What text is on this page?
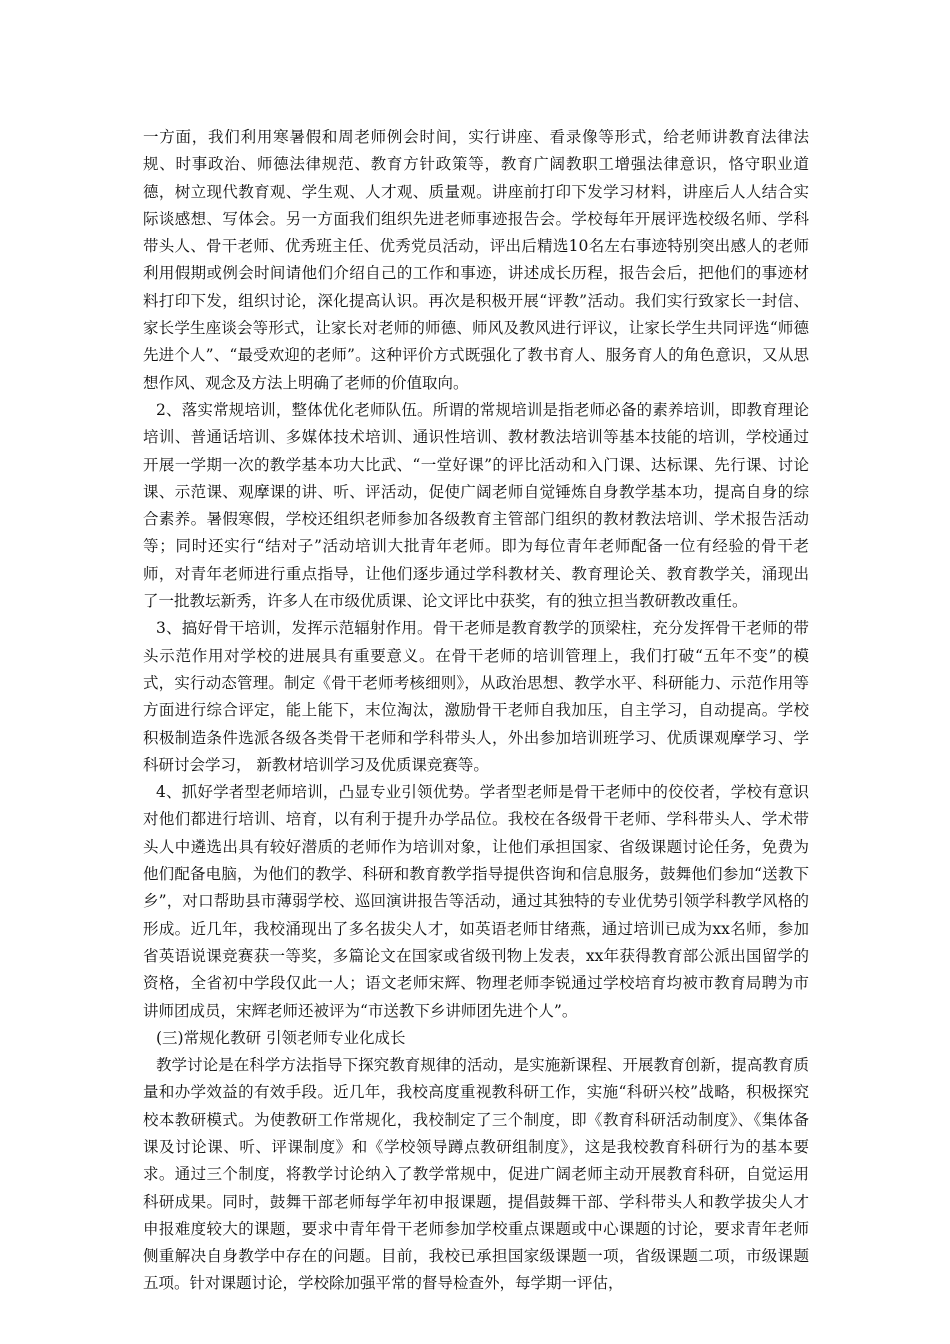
一方面，我们利用寒暑假和周老师例会时间，实行讲座、看录像等形式，给老师讲教育法律法规、时事政治、师德法律规范、教育方针政策等，教育广阔教职工增强法律意识，恪守职业道德，树立现代教育观、学生观、人才观、质量观。讲座前打印下发学习材料，讲座后人人结合实际谈感想、写体会。另一方面我们组织先进老师事迹报告会。学校每年开展评选校级名师、学科带头人、骨干老师、优秀班主任、优秀党员活动，评出后精选10名左右事迹特别突出感人的老师利用假期或例会时间请他们介绍自己的工作和事迹，讲述成长历程，报告会后，把他们的事迹材料打印下发，组织讨论，深化提高认识。再次是积极开展“评教”活动。我们实行致家长一封信、家长学生座谈会等形式，让家长对老师的师德、师风及教风进行评议，让家长学生共同评选“师德先进个人”、“最受欢迎的老师”。这种评价方式既强化了教书育人、服务育人的角色意识，又从思想作风、观念及方法上明确了老师的价值取向。

2、落实常规培训，整体优化老师队伍。所谓的常规培训是指老师必备的素养培训，即教育理论培训、普通话培训、多媒体技术培训、通识性培训、教材教法培训等基本技能的培训，学校通过开展一学期一次的教学基本功大比武、“一堂好课”的评比活动和入门课、达标课、先行课、讨论课、示范课、观摩课的讲、听、评活动，促使广阔老师自觉锤炼自身教学基本功，提高自身的综合素养。暑假寒假，学校还组织老师参加各级教育主管部门组织的教材教法培训、学术报告活动等；同时还实行“结对子”活动培训大批青年老师。即为每位青年老师配备一位有经验的骨干老师，对青年老师进行重点指导，让他们逐步通过学科教材关、教育理论关、教育教学关，涌现出了一批教坛新秀，许多人在市级优质课、论文评比中获奖，有的独立担当教研教改重任。

3、搞好骨干培训，发挥示范辐射作用。骨干老师是教育教学的顶梁柱，充分发挥骨干老师的带头示范作用对学校的进展具有重要意义。在骨干老师的培训管理上，我们打破“五年不变”的模式，实行动态管理。制定《骨干老师考核细则》，从政治思想、教学水平、科研能力、示范作用等方面进行综合评定，能上能下，末位淘汰，激励骨干老师自我加压，自主学习，自动提高。学校积极制造条件选派各级各类骨干老师和学科带头人，外出参加培训班学习、优质课观摩学习、学科研讨会学习， 新教材培训学习及优质课竞赛等。

4、抓好学者型老师培训，凸显专业引领优势。学者型老师是骨干老师中的佼佼者，学校有意识对他们都进行培训、培育，以有利于提升办学品位。我校在各级骨干老师、学科带头人、学术带头人中遴选出具有较好潜质的老师作为培训对象，让他们承担国家、省级课题讨论任务，免费为他们配备电脑，为他们的教学、科研和教育教学指导提供咨询和信息服务，鼓舞他们参加“送教下乡”，对口帮助县市薄弱学校、巡回演讲报告等活动，通过其独特的专业优势引领学科教学风格的形成。近几年，我校涌现出了多名拔尖人才，如英语老师甘绪燕，通过培训已成为xx名师，参加省英语说课竞赛获一等奖，多篇论文在国家或省级刊物上发表，xx年获得教育部公派出国留学的资格，全省初中学段仅此一人；语文老师宋辉、物理老师李锐通过学校培育均被市教育局聘为市讲师团成员，宋辉老师还被评为“市送教下乡讲师团先进个人”。

(三)常规化教研 引领老师专业化成长

教学讨论是在科学方法指导下探究教育规律的活动，是实施新课程、开展教育创新，提高教育质量和办学效益的有效手段。近几年，我校高度重视教科研工作，实施“科研兴校”战略，积极探究校本教研模式。为使教研工作常规化，我校制定了三个制度，即《教育科研活动制度》、《集体备课及讨论课、听、评课制度》和《学校领导蹲点教研组制度》，这是我校教育科研行为的基本要求。通过三个制度，将教学讨论纳入了教学常规中，促进广阔老师主动开展教育科研，自觉运用科研成果。同时，鼓舞干部老师每学年初申报课题，提倡鼓舞干部、学科带头人和教学拔尖人才申报难度较大的课题，要求中青年骨干老师参加学校重点课题或中心课题的讨论，要求青年老师侧重解决自身教学中存在的问题。目前，我校已承担国家级课题一项，省级课题二项，市级课题五项。针对课题讨论，学校除加强平常的督导检查外，每学期一评估，
